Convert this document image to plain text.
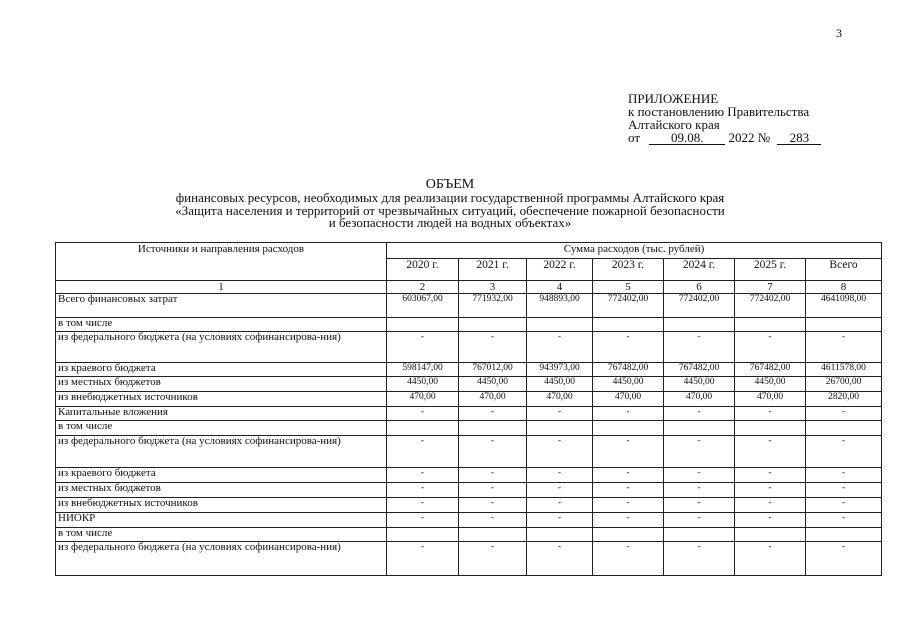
3
ПРИЛОЖЕНИЕ
к постановлению Правительства
Алтайского края
от 09.08. 2022 № 283
ОБЪЕМ
финансовых ресурсов, необходимых для реализации государственной программы Алтайского края
«Защита населения и территорий от чрезвычайных ситуаций, обеспечение пожарной безопасности
и безопасности людей на водных объектах»
Источники и направления расходов	Сумма расходов (тыс. рублей)						
	2020 г.	2021 г.	2022 г.	2023 г.	2024 г.	2025 г.	Всего
1	2	3	4	5	6	7	8
Всего финансовых затрат	603067,00	771932,00	948893,00	772402,00	772402,00	772402,00	4641098,00
в том числе							
из федерального бюджета (на условиях софинансирова-ния)	-	-	-	-	-	-	-
из краевого бюджета	598147,00	767012,00	943973,00	767482,00	767482,00	767482,00	4611578,00
из местных бюджетов	4450,00	4450,00	4450,00	4450,00	4450,00	4450,00	26700,00
из внебюджетных источников	470,00	470,00	470,00	470,00	470,00	470,00	2820,00
Капитальные вложения	-	-	-	-	-	-	-
в том числе							
из федерального бюджета (на условиях софинансирова-ния)	-	-	-	-	-	-	-
из краевого бюджета	-	-	-	-	-	-	-
из местных бюджетов	-	-	-	-	-	-	-
из внебюджетных источников	-	-	-	-	-	-	-
НИОКР	-	-	-	-	-	-	-
в том числе							
из федерального бюджета (на условиях софинансирова-ния)	-	-	-	-	-	-	-
